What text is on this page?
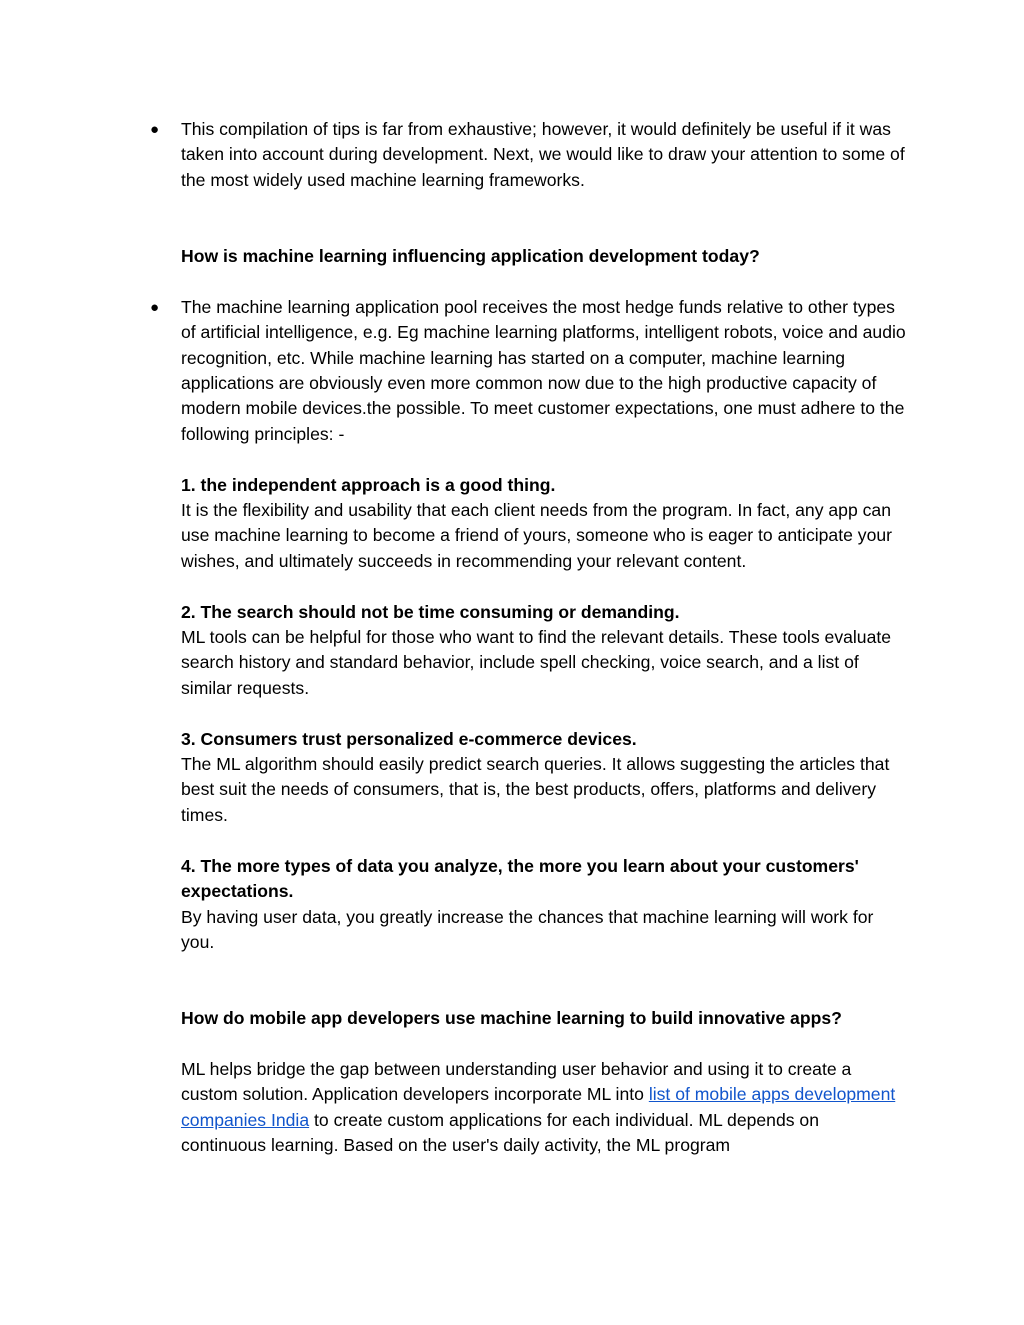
● This compilation of tips is far from exhaustive; however, it would definitely be useful if it was taken into account during development. Next, we would like to draw your attention to some of the most widely used machine learning frameworks.

How is machine learning influencing application development today?

● The machine learning application pool receives the most hedge funds relative to other types of artificial intelligence, e.g. Eg machine learning platforms, intelligent robots, voice and audio recognition, etc. While machine learning has started on a computer, machine learning applications are obviously even more common now due to the high productive capacity of modern mobile devices.the possible. To meet customer expectations, one must adhere to the following principles: -

1. the independent approach is a good thing.

It is the flexibility and usability that each client needs from the program. In fact, any app can use machine learning to become a friend of yours, someone who is eager to anticipate your wishes, and ultimately succeeds in recommending your relevant content.

2. The search should not be time consuming or demanding.

ML tools can be helpful for those who want to find the relevant details. These tools evaluate search history and standard behavior, include spell checking, voice search, and a list of similar requests.

3. Consumers trust personalized e-commerce devices.

The ML algorithm should easily predict search queries. It allows suggesting the articles that best suit the needs of consumers, that is, the best products, offers, platforms and delivery times.

4. The more types of data you analyze, the more you learn about your customers' expectations.

By having user data, you greatly increase the chances that machine learning will work for you.

How do mobile app developers use machine learning to build innovative apps?

ML helps bridge the gap between understanding user behavior and using it to create a custom solution. Application developers incorporate ML into list of mobile apps development companies India to create custom applications for each individual. ML depends on continuous learning. Based on the user's daily activity, the ML program
